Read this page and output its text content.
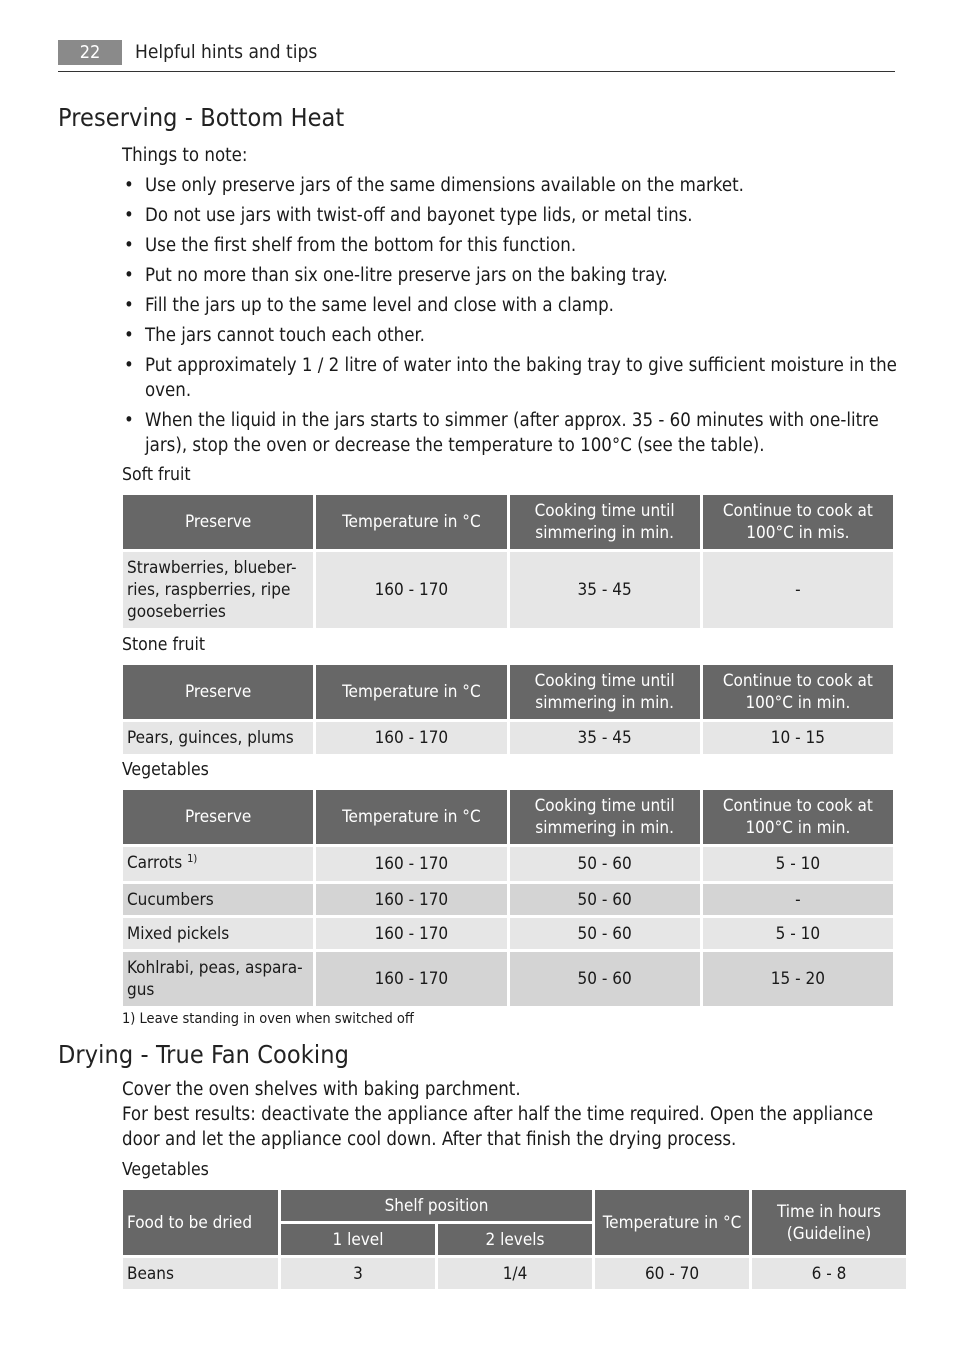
22	Helpful hints and tips
Preserving - Bottom Heat
Things to note:
• Use only preserve jars of the same dimensions available on the market.
• Do not use jars with twist-off and bayonet type lids, or metal tins.
• Use the first shelf from the bottom for this function.
• Put no more than six one-litre preserve jars on the baking tray.
• Fill the jars up to the same level and close with a clamp.
• The jars cannot touch each other.
• Put approximately 1 / 2 litre of water into the baking tray to give sufficient moisture in the oven.
• When the liquid in the jars starts to simmer (after approx. 35 - 60 minutes with one-litre jars), stop the oven or decrease the temperature to 100°C (see the table).
Soft fruit
Preserve	Temperature in °C	Cooking time until simmering in min.	Continue to cook at 100°C in mis.
Strawberries, blueber-ries, raspberries, ripe gooseberries	160 - 170	35 - 45	-
Stone fruit
Preserve	Temperature in °C	Cooking time until simmering in min.	Continue to cook at 100°C in min.
Pears, guinces, plums	160 - 170	35 - 45	10 - 15
Vegetables
Preserve	Temperature in °C	Cooking time until simmering in min.	Continue to cook at 100°C in min.
Carrots $^{1)}$	160 - 170	50 - 60	5 - 10
Cucumbers	160 - 170	50 - 60	-
Mixed pickels	160 - 170	50 - 60	5 - 10
Kohlrabi, peas, aspara-gus	160 - 170	50 - 60	15 - 20
1) Leave standing in oven when switched off
Drying - True Fan Cooking

Cover the oven shelves with baking parchment.

For best results: deactivate the appliance after half the time required. Open the appliance door and let the appliance cool down. After that finish the drying process.

Vegetables
Food to be dried	Shelf position		Temperature in °C	Time in hours (Guideline)
	1 level	2 levels		
Beans	3	1/4	60 - 70	6 - 8
